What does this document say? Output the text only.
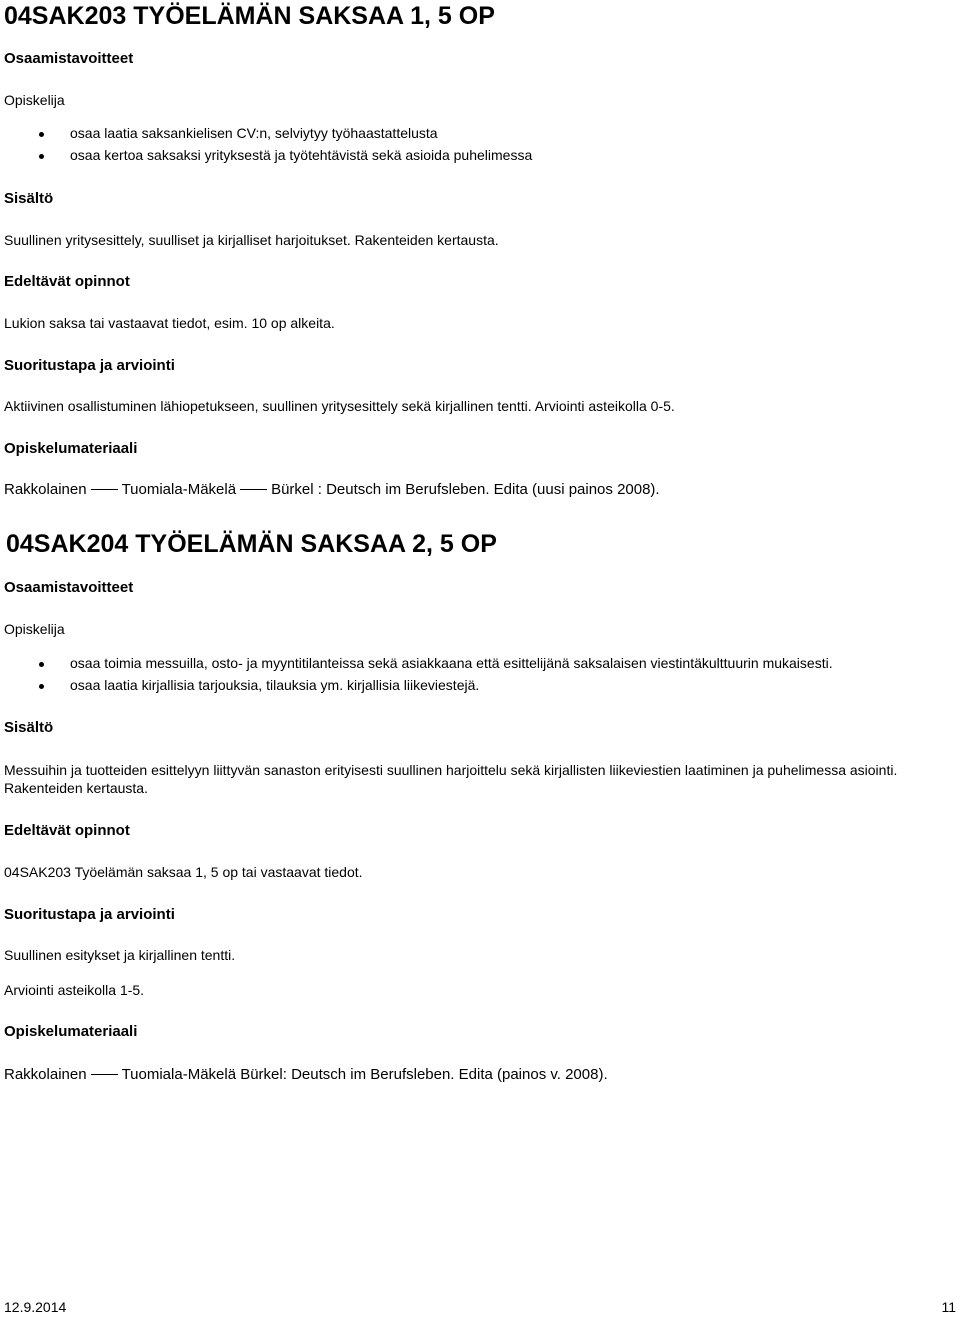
04SAK203 TYÖELÄMÄN SAKSAA 1, 5 OP
Osaamistavoitteet
Opiskelija
osaa laatia saksankielisen CV:n, selviytyy työhaastattelusta
osaa kertoa saksaksi yrityksestä ja työtehtävistä sekä asioida puhelimessa
Sisältö
Suullinen yritysesittely, suulliset ja kirjalliset harjoitukset. Rakenteiden kertausta.
Edeltävät opinnot
Lukion saksa tai vastaavat tiedot, esim. 10 op alkeita.
Suoritustapa ja arviointi
Aktiivinen osallistuminen lähiopetukseen, suullinen yritysesittely sekä kirjallinen tentti. Arviointi asteikolla 0-5.
Opiskelumateriaali
Rakkolainen Tuomiala-Mäkelä Bürkel : Deutsch im Berufsleben. Edita (uusi painos 2008).
04SAK204 TYÖELÄMÄN SAKSAA 2, 5 OP
Osaamistavoitteet
Opiskelija
osaa toimia messuilla, osto- ja myyntitilanteissa sekä asiakkaana että esittelijänä saksalaisen viestintäkulttuurin mukaisesti.
osaa laatia kirjallisia tarjouksia, tilauksia ym. kirjallisia liikeviestejä.
Sisältö
Messuihin ja tuotteiden esittelyyn liittyvän sanaston erityisesti suullinen harjoittelu sekä kirjallisten liikeviestien laatiminen ja puhelimessa asiointi.
Rakenteiden kertausta.
Edeltävät opinnot
04SAK203 Työelämän saksaa 1, 5 op tai vastaavat tiedot.
Suoritustapa ja arviointi
Suullinen esitykset ja kirjallinen tentti.
Arviointi asteikolla 1-5.
Opiskelumateriaali
Rakkolainen Tuomiala-Mäkelä Bürkel: Deutsch im Berufsleben. Edita (painos v. 2008).
12.9.2014	11
